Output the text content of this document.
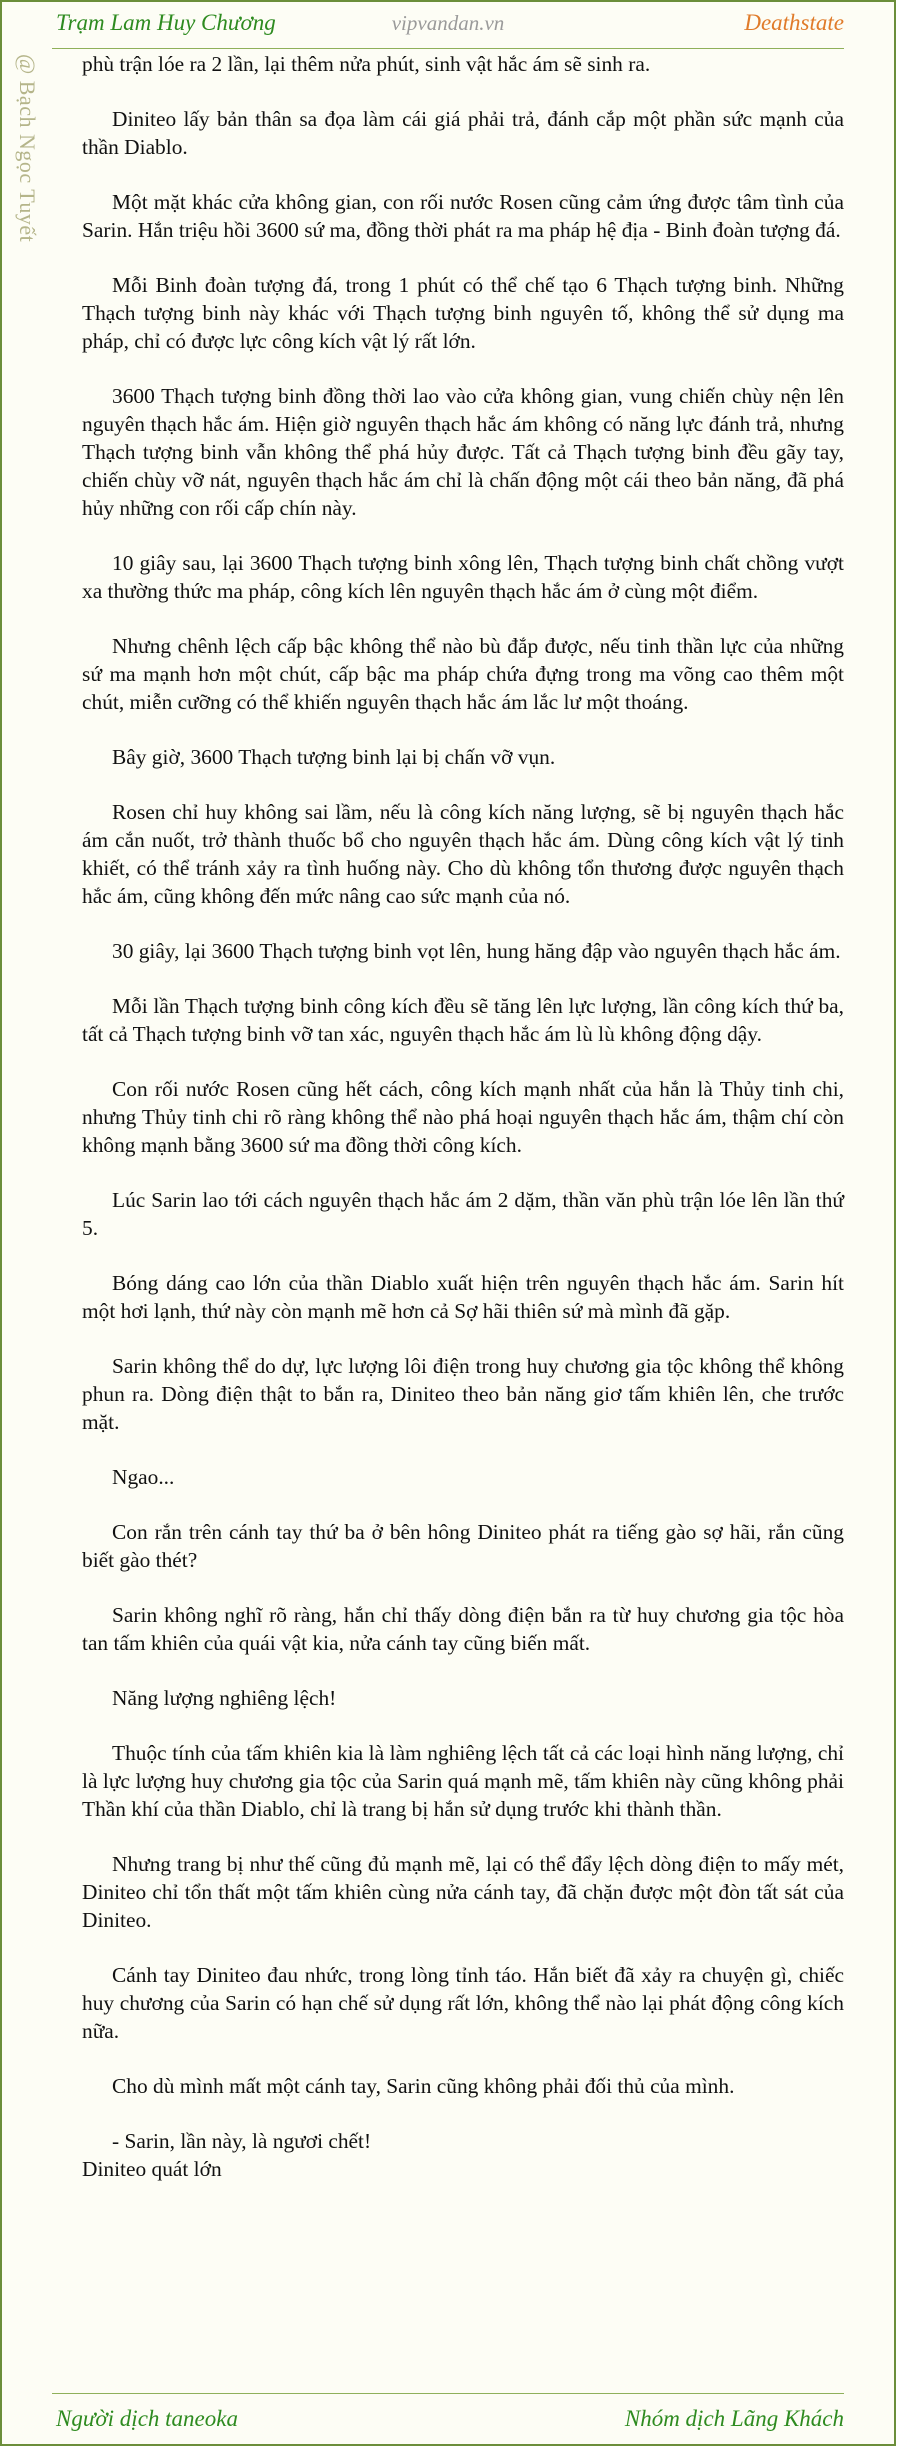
Trạm Lam Huy Chương	vipvandan.vn	Deathstate
@ Bạch Ngọc Tuyết phù trận lóe ra 2 lần, lại thêm nửa phút, sinh vật hắc ám sẽ sinh ra.

Diniteo lấy bản thân sa đọa làm cái giá phải trả, đánh cắp một phần sức mạnh của thần Diablo.

Một mặt khác cửa không gian, con rối nước Rosen cũng cảm ứng được tâm tình của Sarin. Hắn triệu hồi 3600 sứ ma, đồng thời phát ra ma pháp hệ địa - Binh đoàn tượng đá.

Mỗi Binh đoàn tượng đá, trong 1 phút có thể chế tạo 6 Thạch tượng binh. Những Thạch tượng binh này khác với Thạch tượng binh nguyên tố, không thể sử dụng ma pháp, chỉ có được lực công kích vật lý rất lớn.

3600 Thạch tượng binh đồng thời lao vào cửa không gian, vung chiến chùy nện lên nguyên thạch hắc ám. Hiện giờ nguyên thạch hắc ám không có năng lực đánh trả, nhưng Thạch tượng binh vẫn không thể phá hủy được. Tất cả Thạch tượng binh đều gãy tay, chiến chùy vỡ nát, nguyên thạch hắc ám chỉ là chấn động một cái theo bản năng, đã phá hủy những con rối cấp chín này.

10 giây sau, lại 3600 Thạch tượng binh xông lên, Thạch tượng binh chất chồng vượt xa thường thức ma pháp, công kích lên nguyên thạch hắc ám ở cùng một điểm.

Nhưng chênh lệch cấp bậc không thể nào bù đắp được, nếu tinh thần lực của những sứ ma mạnh hơn một chút, cấp bậc ma pháp chứa đựng trong ma võng cao thêm một chút, miễn cưỡng có thể khiến nguyên thạch hắc ám lắc lư một thoáng.

Bây giờ, 3600 Thạch tượng binh lại bị chấn vỡ vụn.

Rosen chỉ huy không sai lầm, nếu là công kích năng lượng, sẽ bị nguyên thạch hắc ám cắn nuốt, trở thành thuốc bổ cho nguyên thạch hắc ám. Dùng công kích vật lý tinh khiết, có thể tránh xảy ra tình huống này. Cho dù không tổn thương được nguyên thạch hắc ám, cũng không đến mức nâng cao sức mạnh của nó.

30 giây, lại 3600 Thạch tượng binh vọt lên, hung hăng đập vào nguyên thạch hắc ám.

Mỗi lần Thạch tượng binh công kích đều sẽ tăng lên lực lượng, lần công kích thứ ba, tất cả Thạch tượng binh vỡ tan xác, nguyên thạch hắc ám lù lù không động dậy.

Con rối nước Rosen cũng hết cách, công kích mạnh nhất của hắn là Thủy tinh chi, nhưng Thủy tinh chi rõ ràng không thể nào phá hoại nguyên thạch hắc ám, thậm chí còn không mạnh bằng 3600 sứ ma đồng thời công kích.

Lúc Sarin lao tới cách nguyên thạch hắc ám 2 dặm, thần văn phù trận lóe lên lần thứ 5.

Bóng dáng cao lớn của thần Diablo xuất hiện trên nguyên thạch hắc ám. Sarin hít một hơi lạnh, thứ này còn mạnh mẽ hơn cả Sợ hãi thiên sứ mà mình đã gặp.

Sarin không thể do dự, lực lượng lôi điện trong huy chương gia tộc không thể không phun ra. Dòng điện thật to bắn ra, Diniteo theo bản năng giơ tấm khiên lên, che trước mặt.

Ngao...

Con rắn trên cánh tay thứ ba ở bên hông Diniteo phát ra tiếng gào sợ hãi, rắn cũng biết gào thét?

Sarin không nghĩ rõ ràng, hắn chỉ thấy dòng điện bắn ra từ huy chương gia tộc hòa tan tấm khiên của quái vật kia, nửa cánh tay cũng biến mất.

Năng lượng nghiêng lệch!

Thuộc tính của tấm khiên kia là làm nghiêng lệch tất cả các loại hình năng lượng, chỉ là lực lượng huy chương gia tộc của Sarin quá mạnh mẽ, tấm khiên này cũng không phải Thần khí của thần Diablo, chỉ là trang bị hắn sử dụng trước khi thành thần.

Nhưng trang bị như thế cũng đủ mạnh mẽ, lại có thể đẩy lệch dòng điện to mấy mét, Diniteo chỉ tổn thất một tấm khiên cùng nửa cánh tay, đã chặn được một đòn tất sát của Diniteo.

Cánh tay Diniteo đau nhức, trong lòng tỉnh táo. Hắn biết đã xảy ra chuyện gì, chiếc huy chương của Sarin có hạn chế sử dụng rất lớn, không thể nào lại phát động công kích nữa.

Cho dù mình mất một cánh tay, Sarin cũng không phải đối thủ của mình.

- Sarin, lần này, là ngươi chết!

Diniteo quát lớn

Người dịch taneoka	Nhóm dịch Lãng Khách
